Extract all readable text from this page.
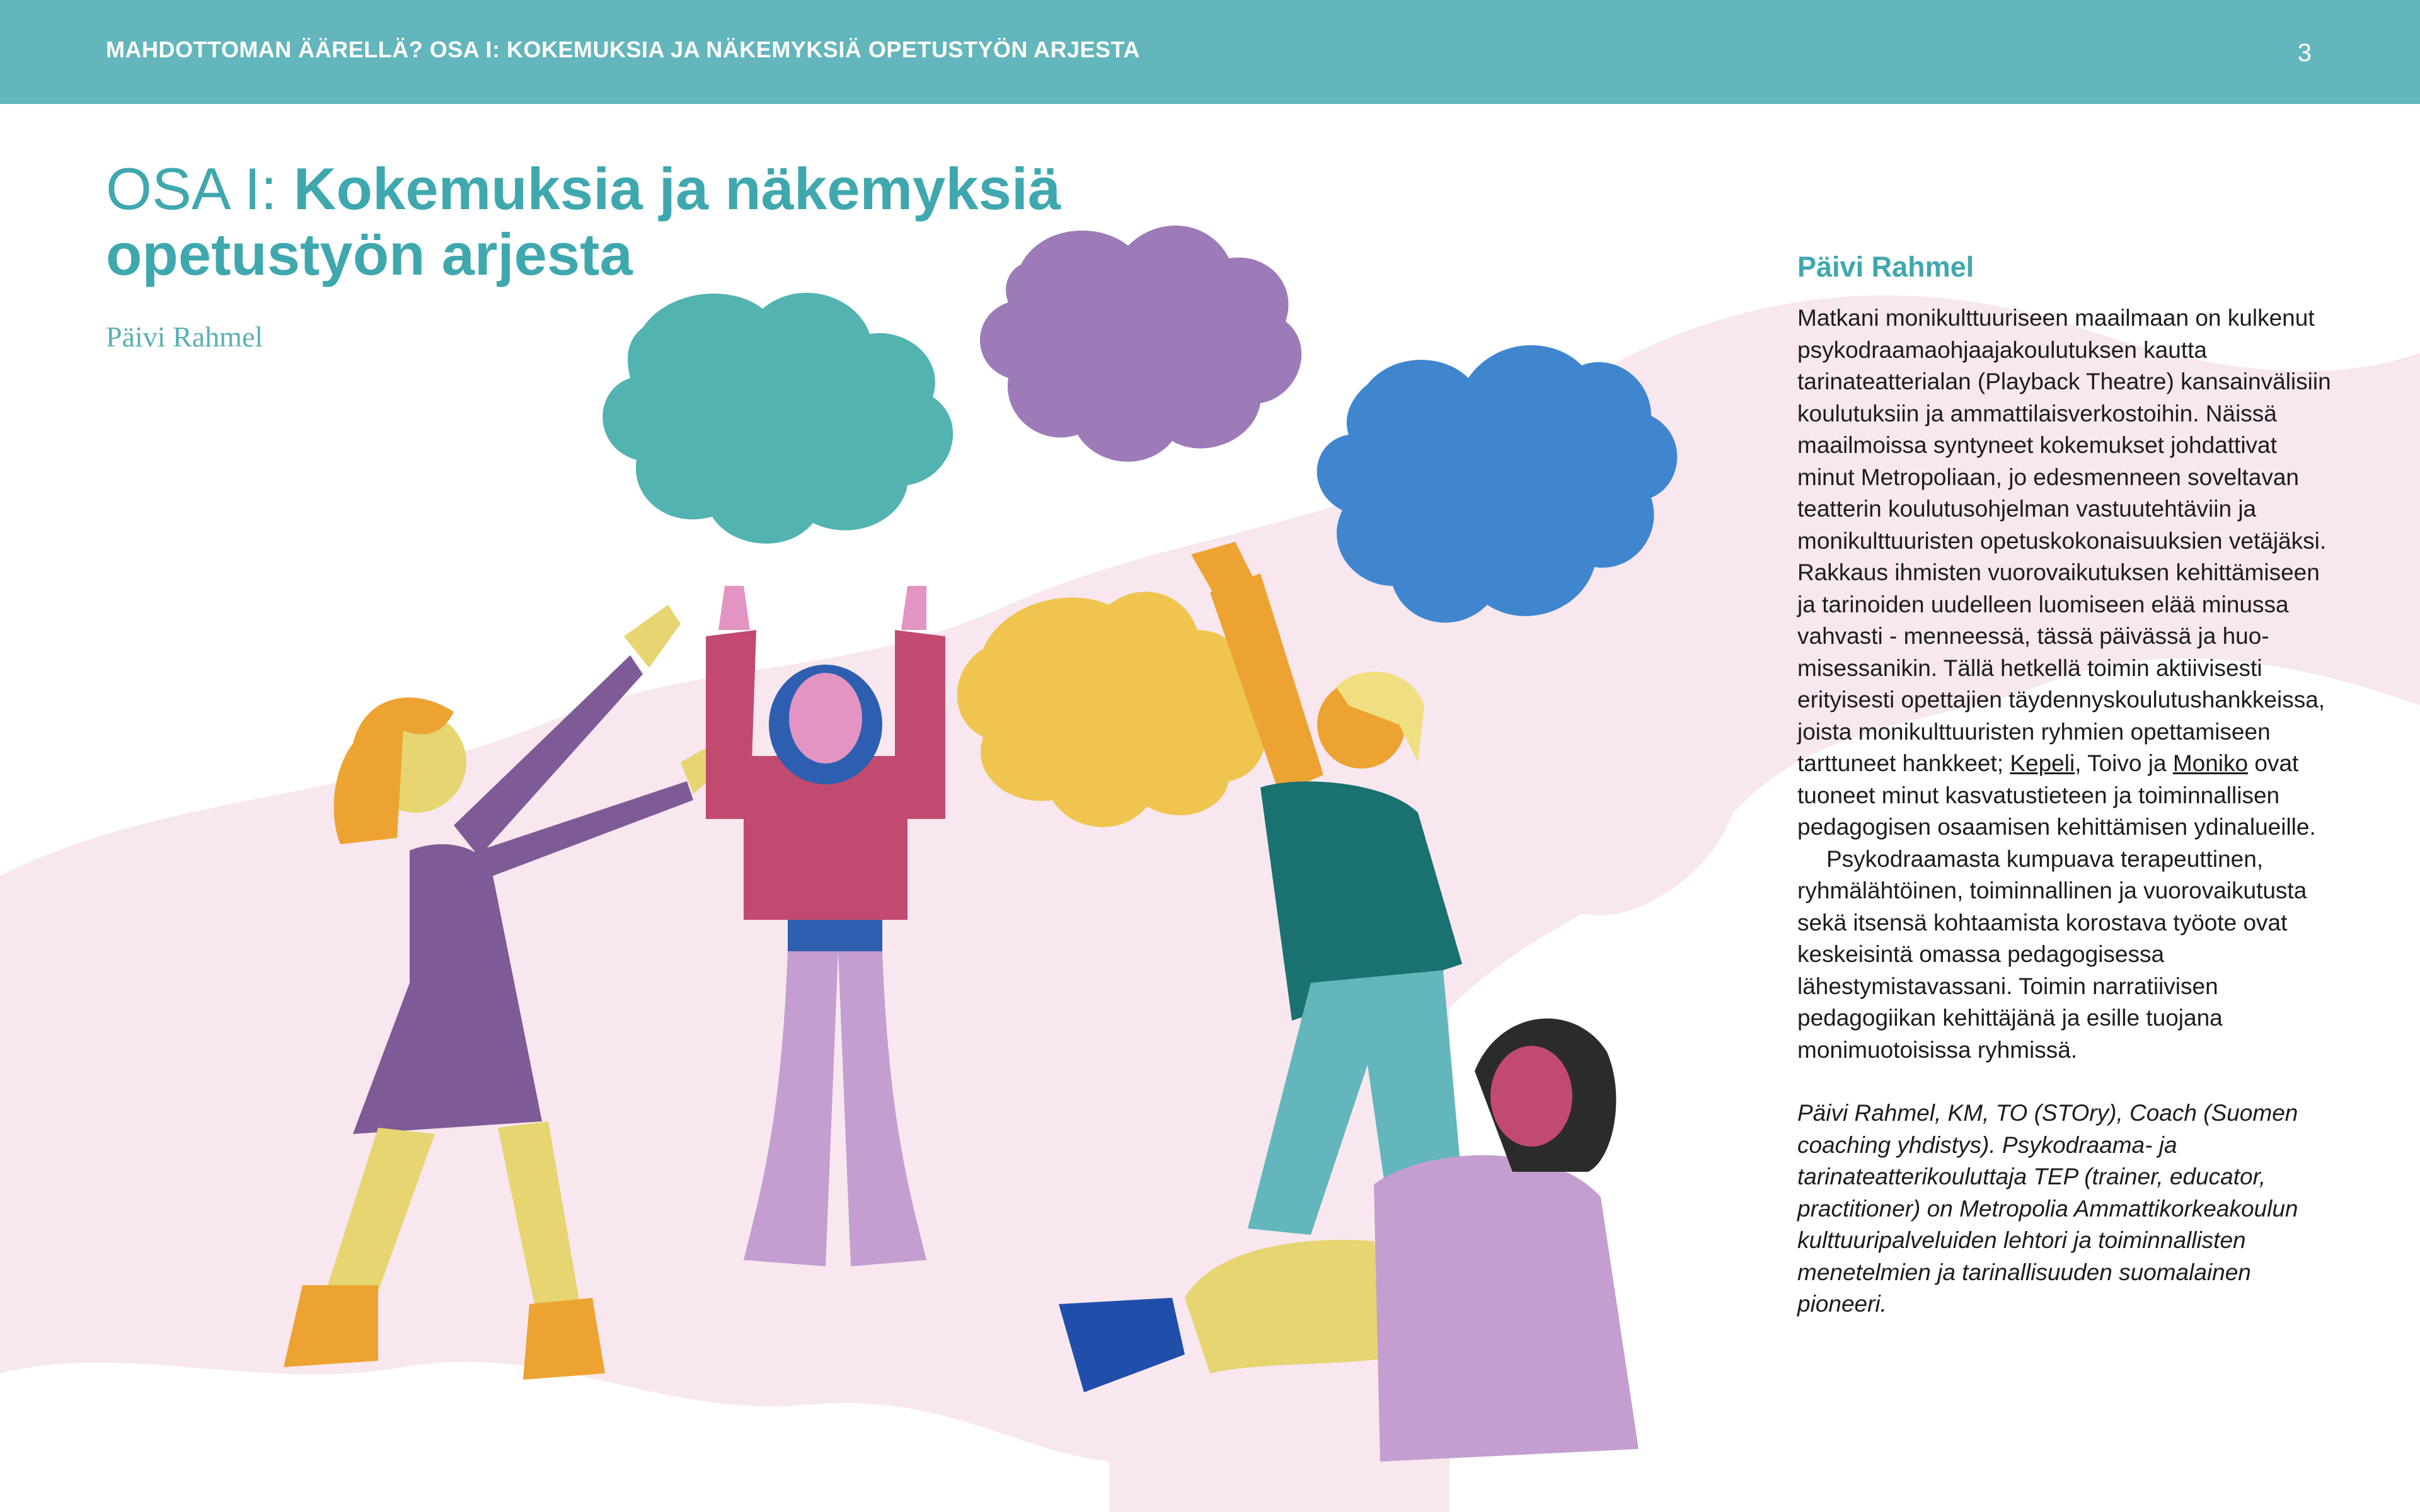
MAHDOTTOMAN ÄÄRELLÄ? OSA I: KOKEMUKSIA JA NÄKEMYKSIÄ OPETUSTYÖN ARJESTA	3
OSA I: Kokemuksia ja näkemyksiä opetustyön arjesta
Päivi Rahmel
Päivi Rahmel

Matkani monikulttuuriseen maailmaan on kulkenut psykodraamaohjaajakoulutuksen kautta tarinateatterialan (Playback Theatre) kansainvälisiin koulutuksiin ja ammattilaisverkostoihin. Näissä maailmoissa syntyneet kokemukset johdattivat minut Metropoliaan, jo edesmenneen soveltavan teatterin koulutusohjelman vastuutehtäviin ja monikulttuuristen opetuskokonaisuuksien vetäjäksi. Rakkaus ihmisten vuorovaikutuksen kehittämiseen ja tarinoiden uudelleen luomiseen elää minussa vahvasti - menneessä, tässä päivässä ja huomisessanikin. Tällä hetkellä toimin aktiivisesti erityisesti opettajien täydennyskoulutushankkeissa, joista monikulttuuristen ryhmien opettamiseen tarttuneet hankkeet; Kepeli, Toivo ja Moniko ovat tuoneet minut kasvatustieteen ja toiminnallisen pedagogisen osaamisen kehittämisen ydinalueille.

Psykodraamasta kumpuava terapeuttinen, ryhmälähtöinen, toiminnallinen ja vuorovaikutusta sekä itsensä kohtaamista korostava työote ovat keskeisintä omassa pedagogisessa lähestymistavassani. Toimin narratiivisen pedagogiikan kehittäjänä ja esille tuojana monimuotoisissa ryhmissä.

Päivi Rahmel, KM, TO (STOry), Coach (Suomen coaching yhdistys). Psykodraama- ja tarinateatterikouluttaja TEP (trainer, educator, practitioner) on Metropolia Ammattikorkeakoulun kulttuuripalveluiden lehtori ja toiminnallisten menetelmien ja tarinallisuuden suomalainen pioneeri.
